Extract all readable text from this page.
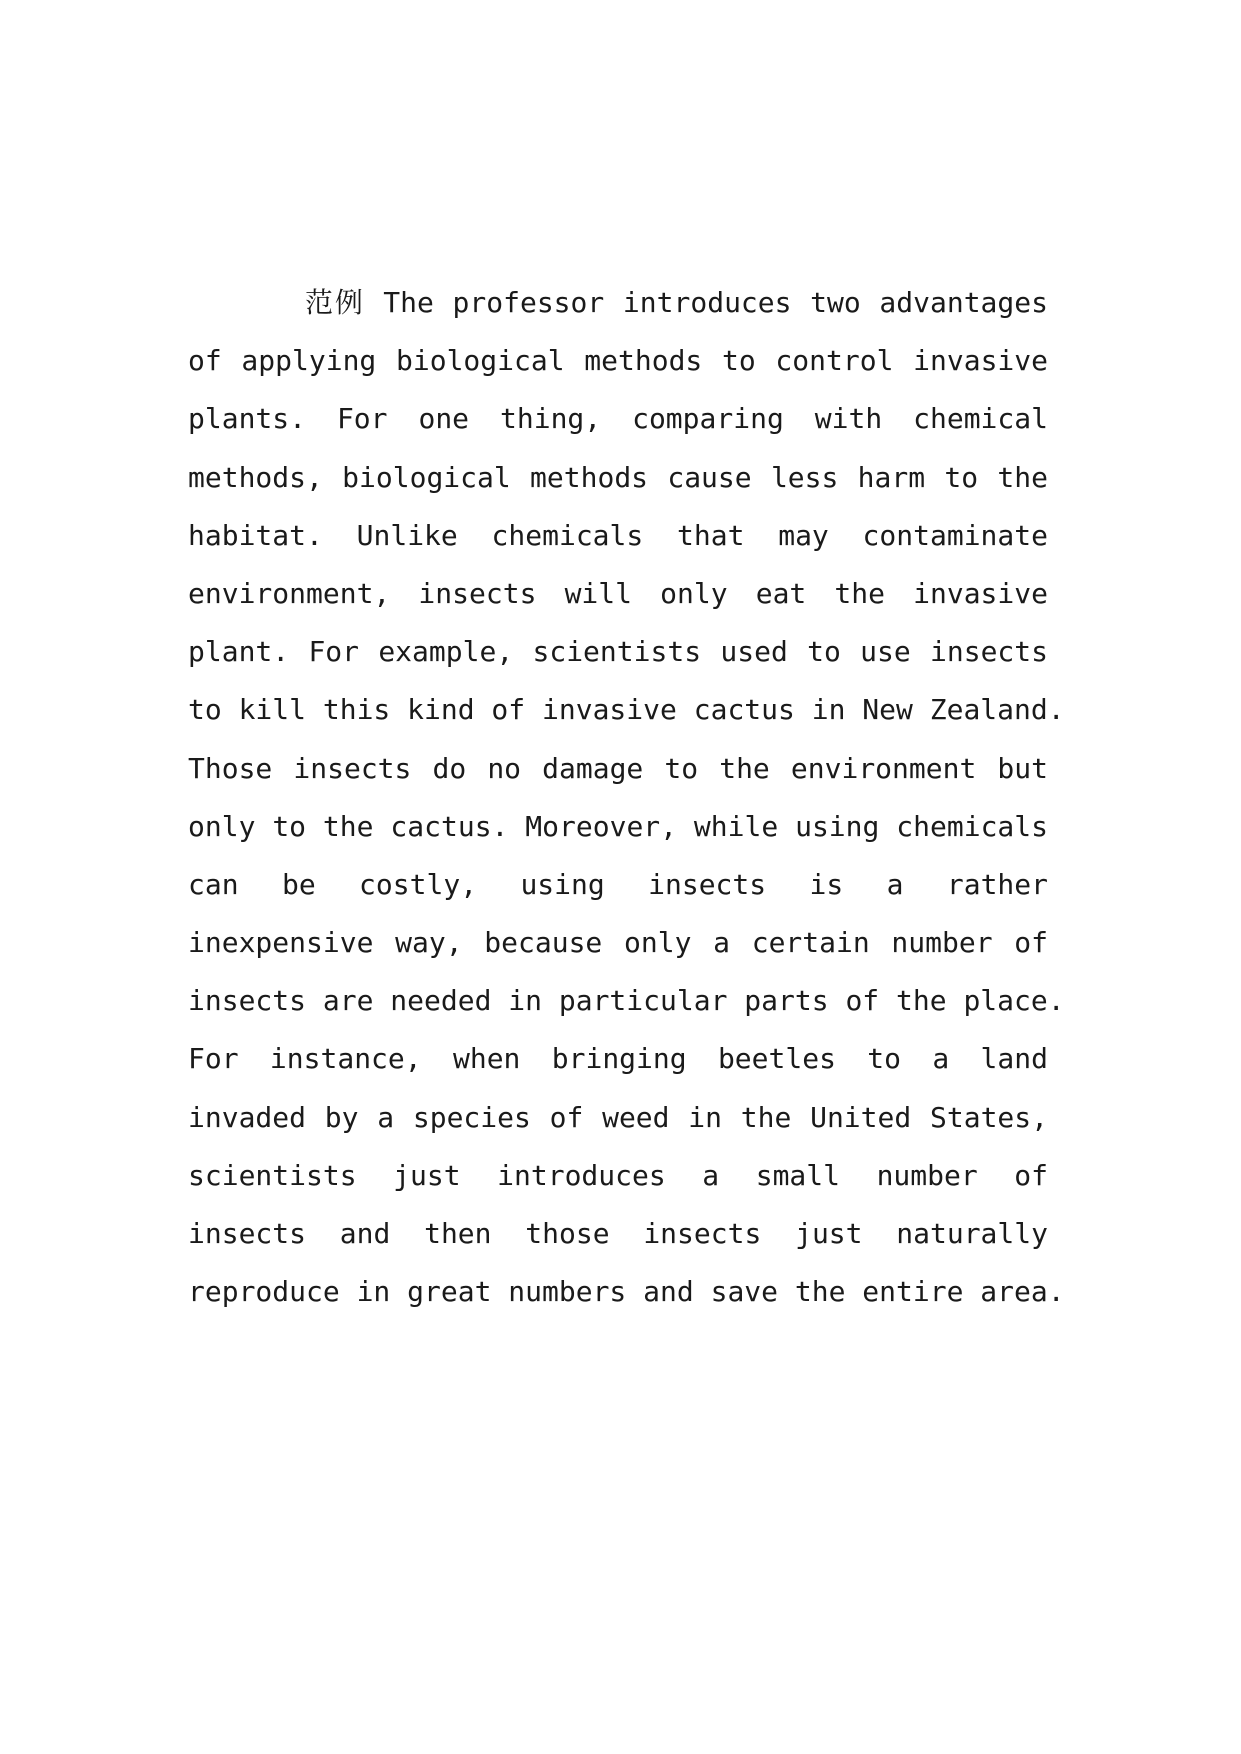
范例 The professor introduces two advantages
of applying biological methods to control invasive
plants. For one thing, comparing with chemical
methods, biological methods cause less harm to the
habitat. Unlike chemicals that may contaminate
environment, insects will only eat the invasive
plant. For example, scientists used to use insects
to kill this kind of invasive cactus in New Zealand.
Those insects do no damage to the environment but
only to the cactus. Moreover, while using chemicals
can be costly, using insects is a rather
inexpensive way, because only a certain number of
insects are needed in particular parts of the place.
For instance, when bringing beetles to a land
invaded by a species of weed in the United States,
scientists just introduces a small number of
insects and then those insects just naturally
reproduce in great numbers and save the entire area.
